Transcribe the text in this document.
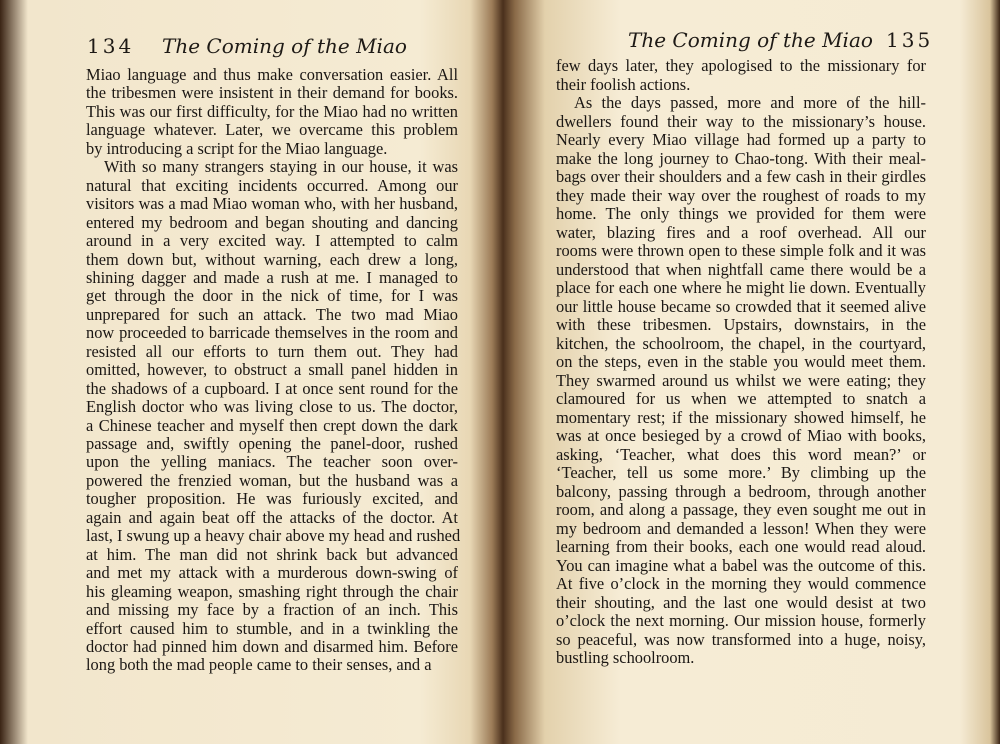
134 The Coming of the Miao
Miao language and thus make conversation easier. All
the tribesmen were insistent in their demand for books.
This was our first difficulty, for the Miao had no written
language whatever. Later, we overcame this problem
by introducing a script for the Miao language.
With so many strangers staying in our house, it was
natural that exciting incidents occurred. Among our
visitors was a mad Miao woman who, with her husband,
entered my bedroom and began shouting and dancing
around in a very excited way. I attempted to calm
them down but, without warning, each drew a long,
shining dagger and made a rush at me. I managed to
get through the door in the nick of time, for I was
unprepared for such an attack. The two mad Miao
now proceeded to barricade themselves in the room and
resisted all our efforts to turn them out. They had
omitted, however, to obstruct a small panel hidden in
the shadows of a cupboard. I at once sent round for the
English doctor who was living close to us. The doctor,
a Chinese teacher and myself then crept down the dark
passage and, swiftly opening the panel-door, rushed
upon the yelling maniacs. The teacher soon over-
powered the frenzied woman, but the husband was a
tougher proposition. He was furiously excited, and
again and again beat off the attacks of the doctor. At
last, I swung up a heavy chair above my head and rushed
at him. The man did not shrink back but advanced
and met my attack with a murderous down-swing of
his gleaming weapon, smashing right through the chair
and missing my face by a fraction of an inch. This
effort caused him to stumble, and in a twinkling the
doctor had pinned him down and disarmed him. Before
long both the mad people came to their senses, and a
The Coming of the Miao 135
few days later, they apologised to the missionary for
their foolish actions.
As the days passed, more and more of the hill-
dwellers found their way to the missionary’s house.
Nearly every Miao village had formed up a party to
make the long journey to Chao-tong. With their meal-
bags over their shoulders and a few cash in their girdles
they made their way over the roughest of roads to my
home. The only things we provided for them were
water, blazing fires and a roof overhead. All our
rooms were thrown open to these simple folk and it was
understood that when nightfall came there would be a
place for each one where he might lie down. Eventually
our little house became so crowded that it seemed alive
with these tribesmen. Upstairs, downstairs, in the
kitchen, the schoolroom, the chapel, in the courtyard,
on the steps, even in the stable you would meet them.
They swarmed around us whilst we were eating; they
clamoured for us when we attempted to snatch a
momentary rest; if the missionary showed himself, he
was at once besieged by a crowd of Miao with books,
asking, ‘Teacher, what does this word mean?’ or
‘Teacher, tell us some more.’ By climbing up the
balcony, passing through a bedroom, through another
room, and along a passage, they even sought me out in
my bedroom and demanded a lesson! When they were
learning from their books, each one would read aloud.
You can imagine what a babel was the outcome of this.
At five o’clock in the morning they would commence
their shouting, and the last one would desist at two
o’clock the next morning. Our mission house, formerly
so peaceful, was now transformed into a huge, noisy,
bustling schoolroom.
